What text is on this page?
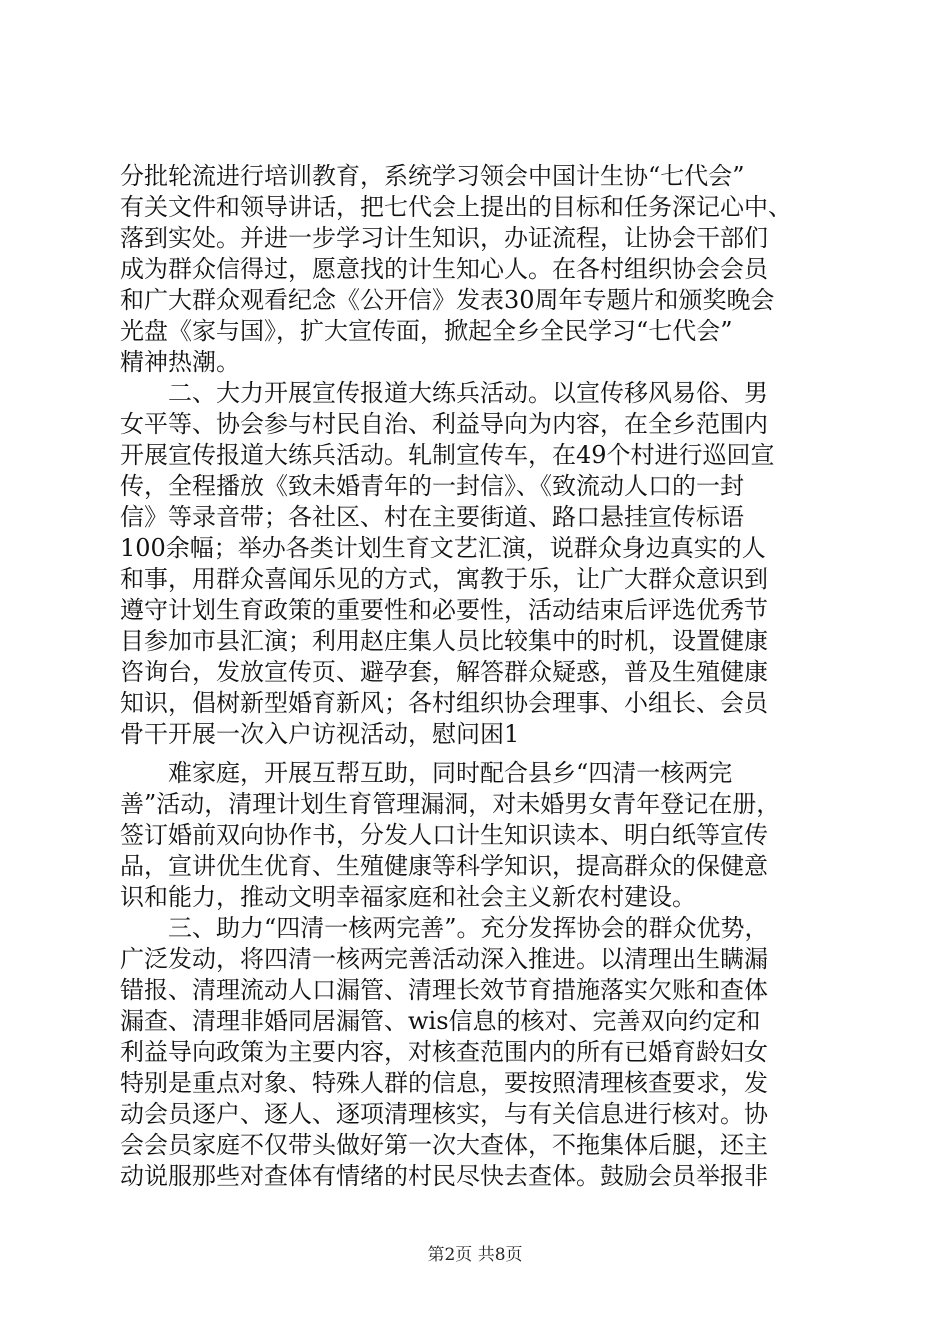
分批轮流进行培训教育，系统学习领会中国计生协“七代会”
有关文件和领导讲话，把七代会上提出的目标和任务深记心中、
落到实处。并进一步学习计生知识，办证流程，让协会干部们
成为群众信得过，愿意找的计生知心人。在各村组织协会会员
和广大群众观看纪念《公开信》发表30周年专题片和颁奖晚会
光盘《家与国》，扩大宣传面，掀起全乡全民学习“七代会”
精神热潮。
　　二、大力开展宣传报道大练兵活动。以宣传移风易俗、男
女平等、协会参与村民自治、利益导向为内容，在全乡范围内
开展宣传报道大练兵活动。轧制宣传车，在49个村进行巡回宣
传，全程播放《致未婚青年的一封信》、《致流动人口的一封
信》等录音带；各社区、村在主要街道、路口悬挂宣传标语
100余幅；举办各类计划生育文艺汇演，说群众身边真实的人
和事，用群众喜闻乐见的方式，寓教于乐，让广大群众意识到
遵守计划生育政策的重要性和必要性，活动结束后评选优秀节
目参加市县汇演；利用赵庄集人员比较集中的时机，设置健康
咨询台，发放宣传页、避孕套，解答群众疑惑，普及生殖健康
知识，倡树新型婚育新风；各村组织协会理事、小组长、会员
骨干开展一次入户访视活动，慰问困1
　　难家庭，开展互帮互助，同时配合县乡“四清一核两完
善”活动，清理计划生育管理漏洞，对未婚男女青年登记在册，
签订婚前双向协作书，分发人口计生知识读本、明白纸等宣传
品，宣讲优生优育、生殖健康等科学知识，提高群众的保健意
识和能力，推动文明幸福家庭和社会主义新农村建设。
　　三、助力“四清一核两完善”。充分发挥协会的群众优势，
广泛发动，将四清一核两完善活动深入推进。以清理出生瞒漏
错报、清理流动人口漏管、清理长效节育措施落实欠账和查体
漏查、清理非婚同居漏管、wis信息的核对、完善双向约定和
利益导向政策为主要内容，对核查范围内的所有已婚育龄妇女
特别是重点对象、特殊人群的信息，要按照清理核查要求，发
动会员逐户、逐人、逐项清理核实，与有关信息进行核对。协
会会员家庭不仅带头做好第一次大查体，不拖集体后腿，还主
动说服那些对查体有情绪的村民尽快去查体。鼓励会员举报非
第2页 共8页
